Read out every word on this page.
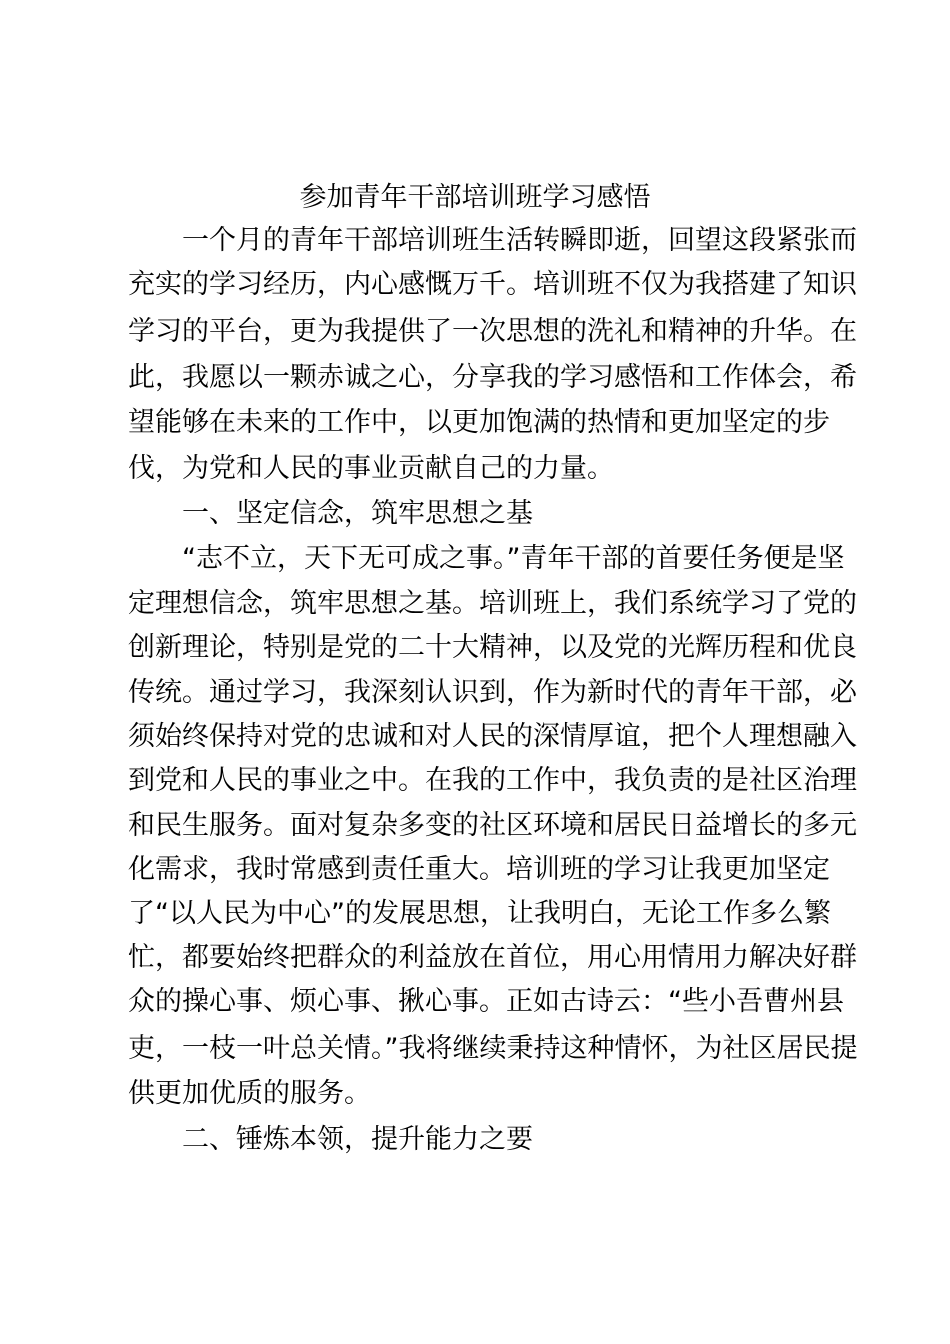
参加青年干部培训班学习感悟
一个月的青年干部培训班生活转瞬即逝，回望这段紧张而
充实的学习经历，内心感慨万千。培训班不仅为我搭建了知识
学习的平台，更为我提供了一次思想的洗礼和精神的升华。在
此，我愿以一颗赤诚之心，分享我的学习感悟和工作体会，希
望能够在未来的工作中，以更加饱满的热情和更加坚定的步
伐，为党和人民的事业贡献自己的力量。
一、坚定信念，筑牢思想之基
“志不立，天下无可成之事。”青年干部的首要任务便是坚
定理想信念，筑牢思想之基。培训班上，我们系统学习了党的
创新理论，特别是党的二十大精神，以及党的光辉历程和优良
传统。通过学习，我深刻认识到，作为新时代的青年干部，必
须始终保持对党的忠诚和对人民的深情厚谊，把个人理想融入
到党和人民的事业之中。在我的工作中，我负责的是社区治理
和民生服务。面对复杂多变的社区环境和居民日益增长的多元
化需求，我时常感到责任重大。培训班的学习让我更加坚定
了“以人民为中心”的发展思想，让我明白，无论工作多么繁
忙，都要始终把群众的利益放在首位，用心用情用力解决好群
众的操心事、烦心事、揪心事。正如古诗云：“些小吾曹州县
吏，一枝一叶总关情。”我将继续秉持这种情怀，为社区居民提
供更加优质的服务。
二、锤炼本领，提升能力之要
